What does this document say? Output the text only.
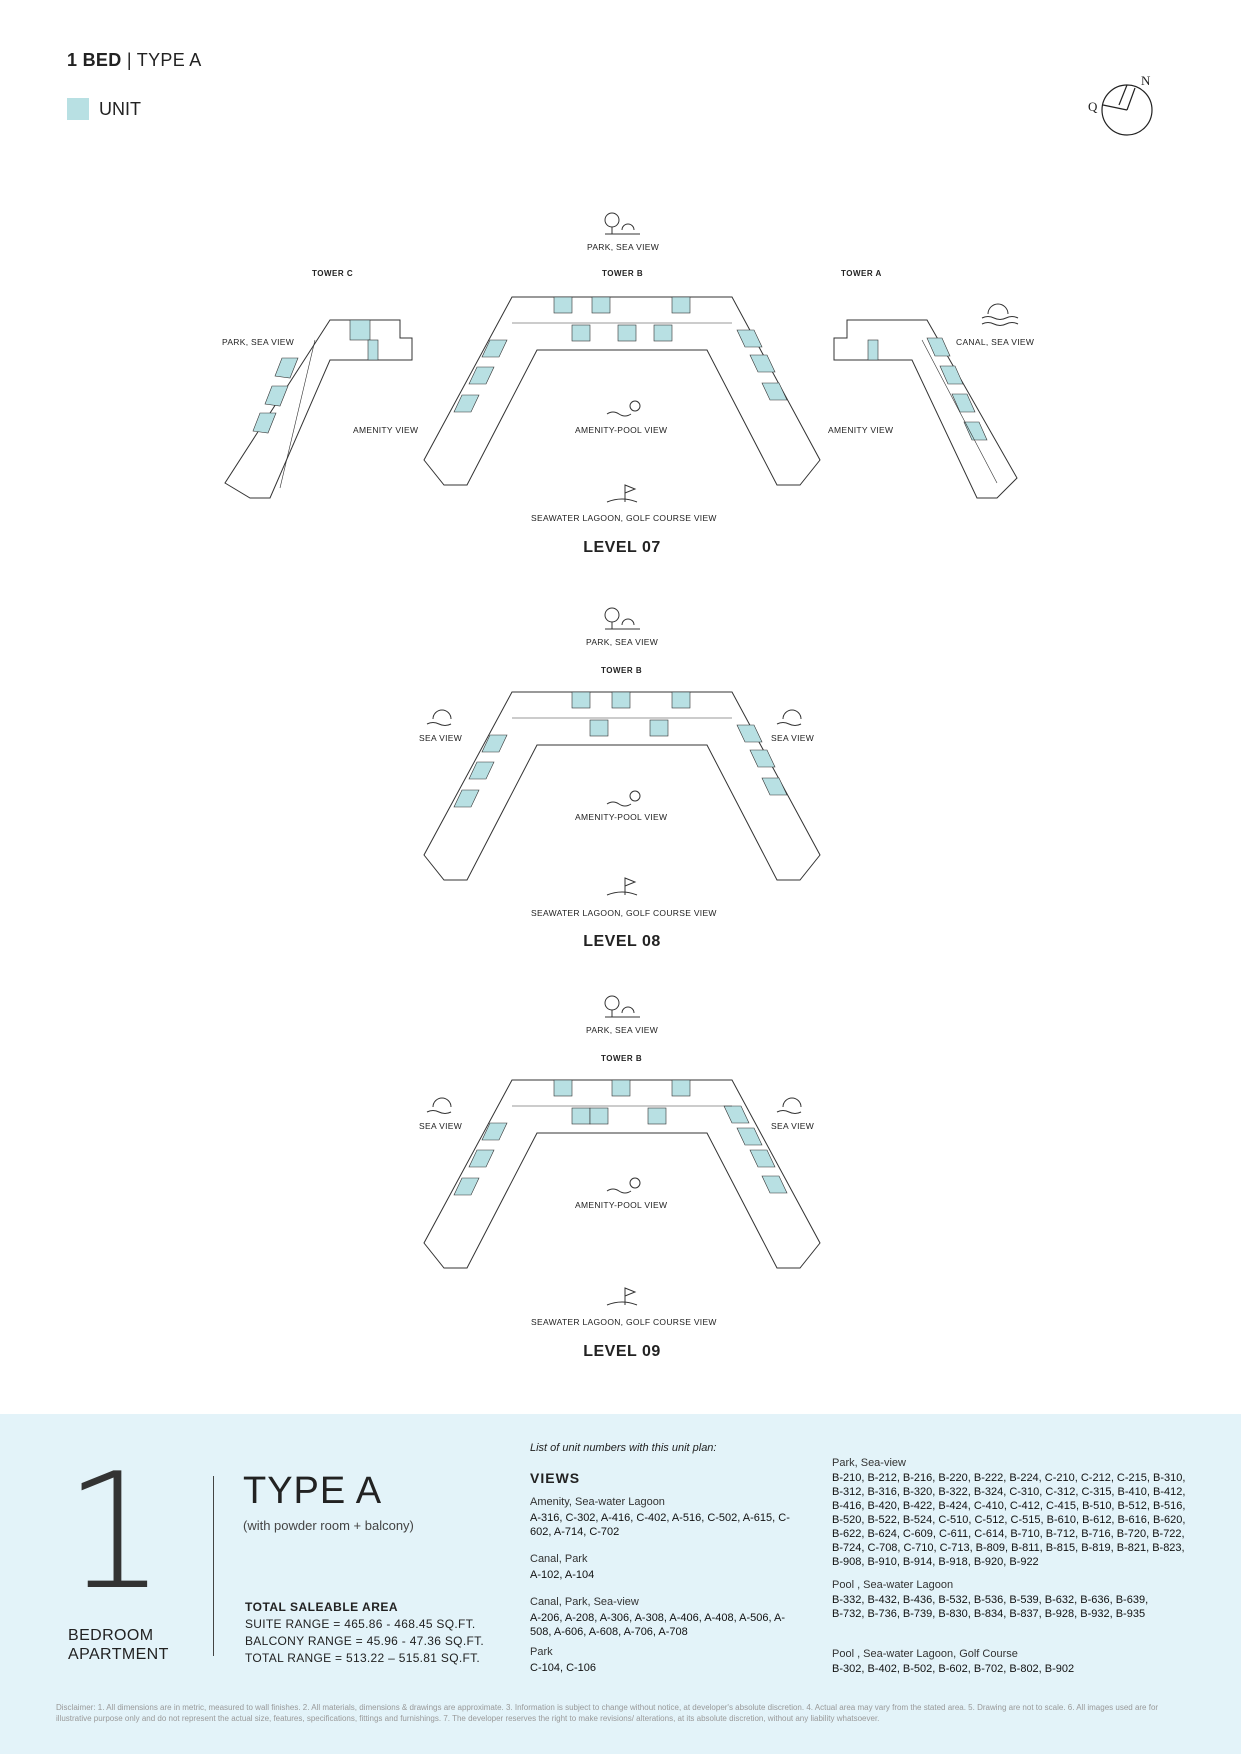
1 BED | TYPE A
UNIT
N
Q
PARK, SEA VIEW
TOWER C	TOWER B	TOWER A
PARK, SEA VIEW
AMENITY VIEW	AMENITY-POOL VIEW
SEAWATER LAGOON, GOLF COURSE VIEW
CANAL, SEA VIEW
AMENITY VIEW
LEVEL 07
PARK, SEA VIEW
TOWER B
SEA VIEW	SEA VIEW
AMENITY-POOL VIEW
SEAWATER LAGOON, GOLF COURSE VIEW
LEVEL 08
PARK, SEA VIEW
TOWER B
SEA VIEW	SEA VIEW
AMENITY-POOL VIEW
SEAWATER LAGOON, GOLF COURSE VIEW
LEVEL 09
1
BEDROOM
APARTMENT
TYPE A
(with powder room + balcony)
TOTAL SALEABLE AREA
SUITE RANGE = 465.86 - 468.45 SQ.FT.
BALCONY RANGE = 45.96 - 47.36 SQ.FT.
TOTAL RANGE = 513.22 – 515.81 SQ.FT.
List of unit numbers with this unit plan:
VIEWS
Amenity, Sea-water Lagoon
A-316, C-302, A-416, C-402, A-516, C-502, A-615, C-602, A-714, C-702
Canal, Park
A-102, A-104
Canal, Park, Sea-view
A-206, A-208, A-306, A-308, A-406, A-408, A-506, A-508, A-606, A-608, A-706, A-708
Park
C-104, C-106
Park, Sea-view
B-210, B-212, B-216, B-220, B-222, B-224, C-210, C-212, C-215, B-310, B-312, B-316, B-320, B-322, B-324, C-310, C-312, C-315, B-410, B-412, B-416, B-420, B-422, B-424, C-410, C-412, C-415, B-510, B-512, B-516, B-520, B-522, B-524, C-510, C-512, C-515, B-610, B-612, B-616, B-620, B-622, B-624, C-609, C-611, C-614, B-710, B-712, B-716, B-720, B-722, B-724, C-708, C-710, C-713, B-809, B-811, B-815, B-819, B-821, B-823, B-908, B-910, B-914, B-918, B-920, B-922
Pool , Sea-water Lagoon
B-332, B-432, B-436, B-532, B-536, B-539, B-632, B-636, B-639, B-732, B-736, B-739, B-830, B-834, B-837, B-928, B-932, B-935
Pool , Sea-water Lagoon, Golf Course
B-302, B-402, B-502, B-602, B-702, B-802, B-902
Disclaimer: 1. All dimensions are in metric, measured to wall finishes. 2. All materials, dimensions & drawings are approximate. 3. Information is subject to change without notice, at developer's absolute discretion. 4. Actual area may vary from the stated area. 5. Drawing are not to scale. 6. All images used are for illustrative purpose only and do not represent the actual size, features, specifications, fittings and furnishings. 7. The developer reserves the right to make revisions/ alterations, at its absolute discretion, without any liability whatsoever.
